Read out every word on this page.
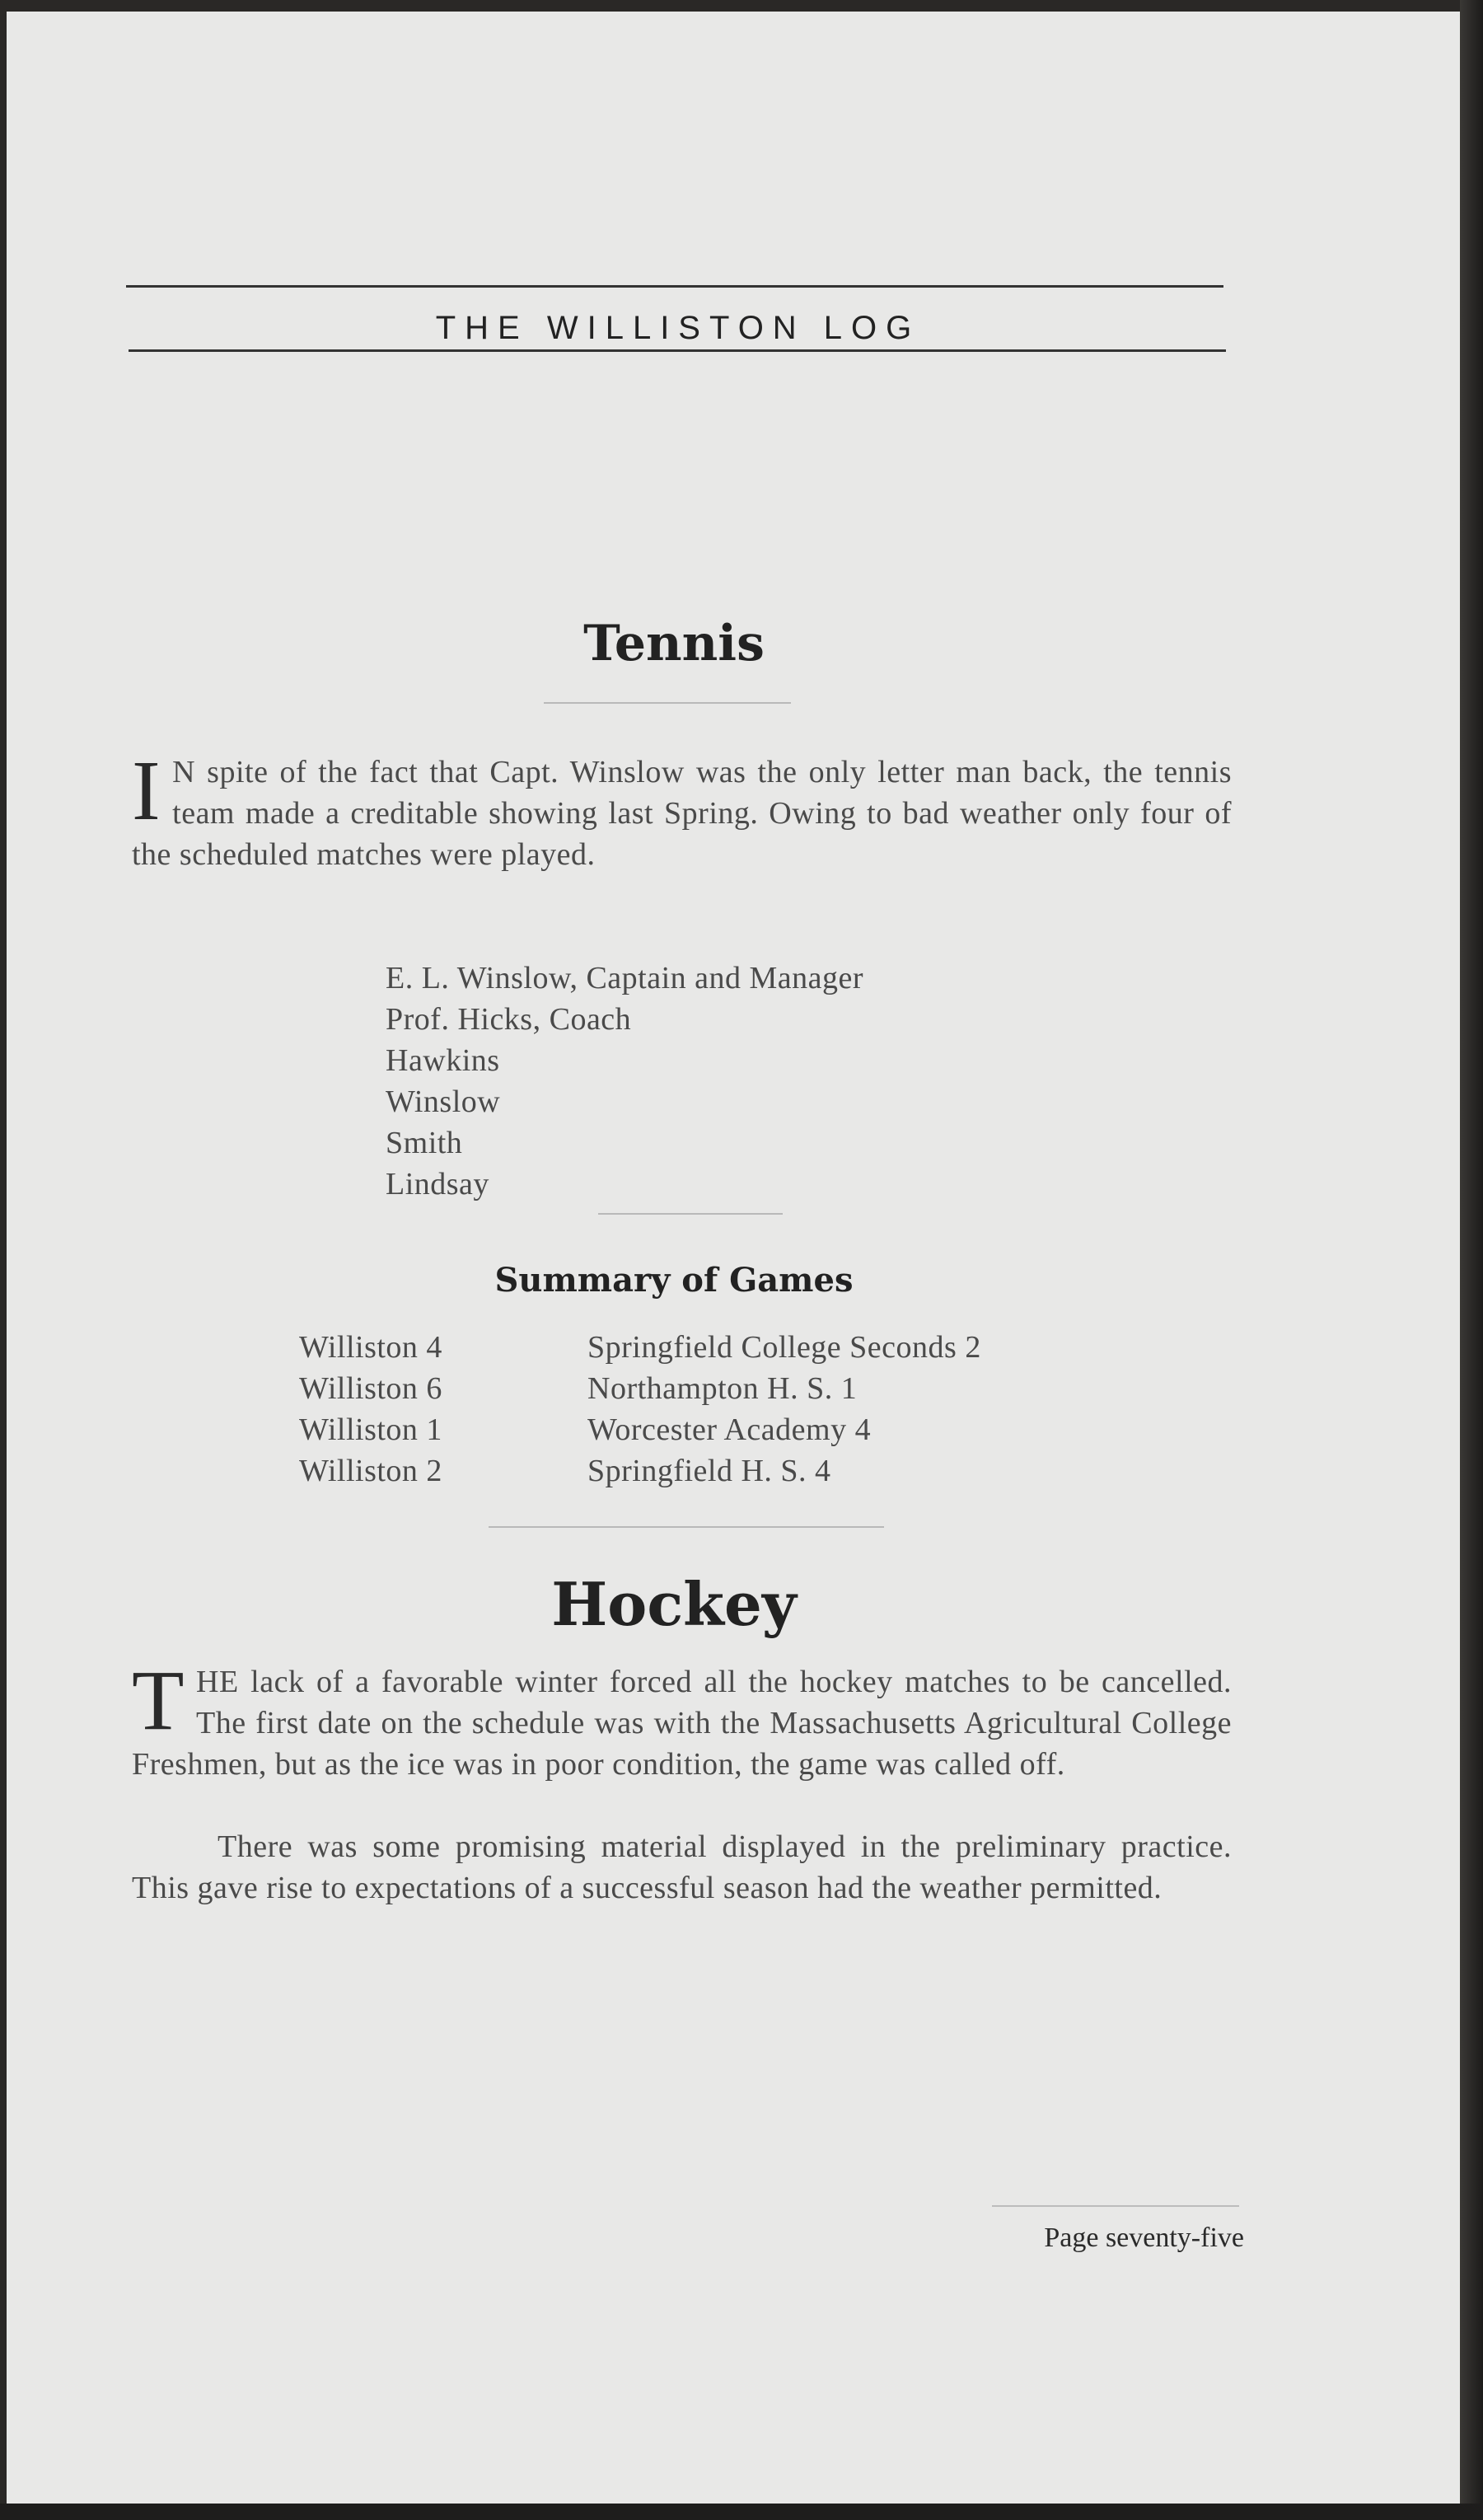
THE WILLISTON LOG
Tennis

I N spite of the fact that Capt. Winslow was the only letter man back, the tennis team made a creditable showing last Spring. Owing to bad weather only four of the scheduled matches were played.

E. L. Winslow, Captain and Manager
Prof. Hicks, Coach
Hawkins
Winslow
Smith
Lindsay
Summary of Games
Williston 4	Springfield College Seconds 2
Williston 6	Northampton H. S. 1
Williston 1	Worcester Academy 4
Williston 2	Springfield H. S. 4
Hockey

THE lack of a favorable winter forced all the hockey matches to be cancelled. The first date on the schedule was with the Massachusetts Agricultural College Freshmen, but as the ice was in poor condition, the game was called off.

There was some promising material displayed in the preliminary practice. This gave rise to expectations of a successful season had the weather permitted.

Page seventy-five
